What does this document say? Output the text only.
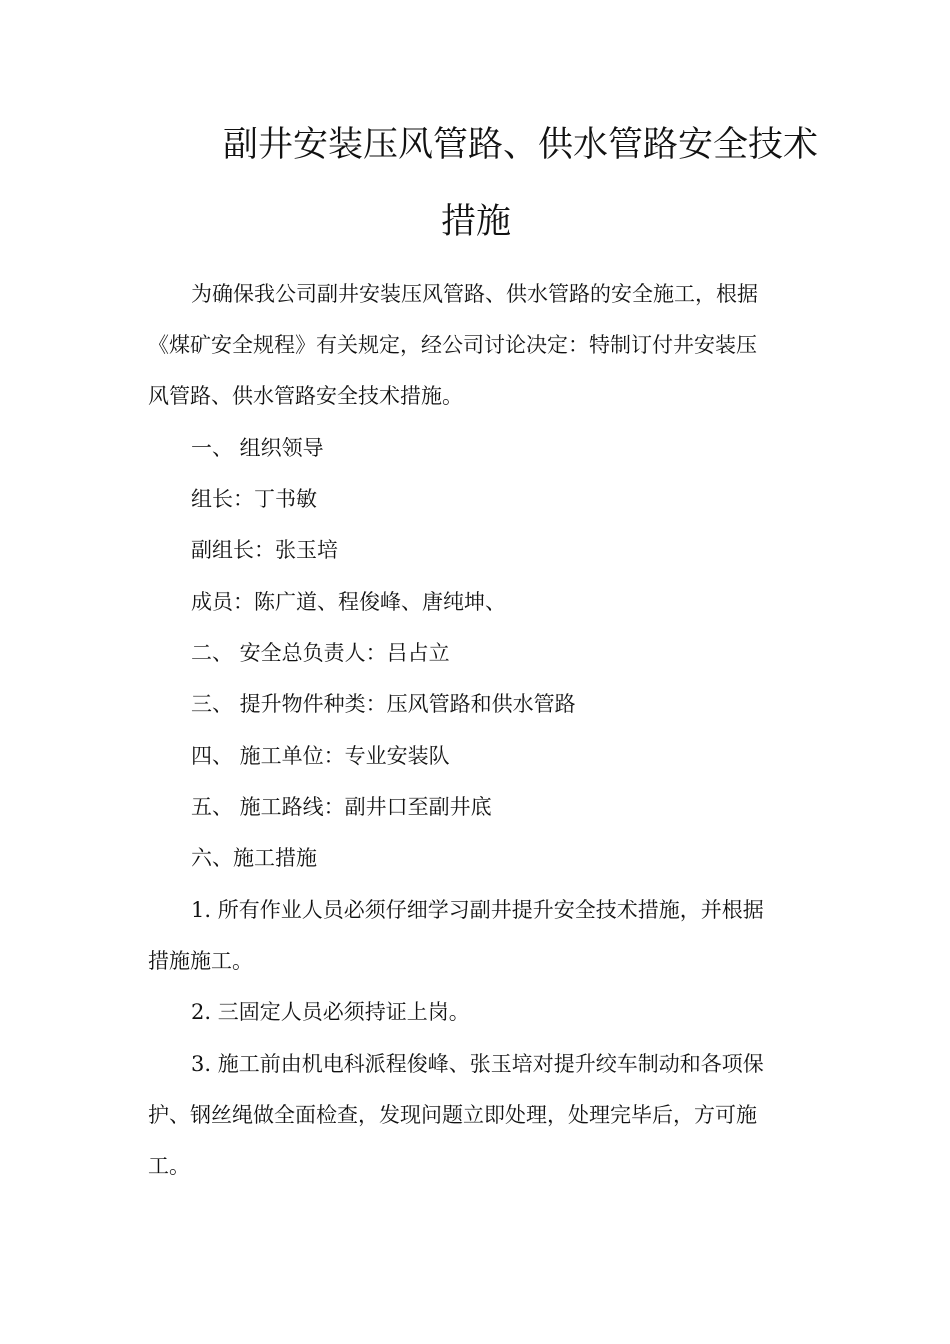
副井安装压风管路、供水管路安全技术
措施
为确保我公司副井安装压风管路、供水管路的安全施工，根据
《煤矿安全规程》有关规定，经公司讨论决定：特制订付井安装压
风管路、供水管路安全技术措施。
一、 组织领导
组长：丁书敏
副组长：张玉培
成员：陈广道、程俊峰、唐纯坤、
二、 安全总负责人：吕占立
三、 提升物件种类：压风管路和供水管路
四、 施工单位：专业安装队
五、 施工路线：副井口至副井底
六、施工措施
1. 所有作业人员必须仔细学习副井提升安全技术措施，并根据
措施施工。
2. 三固定人员必须持证上岗。
3. 施工前由机电科派程俊峰、张玉培对提升绞车制动和各项保
护、钢丝绳做全面检查，发现问题立即处理，处理完毕后，方可施
工。
